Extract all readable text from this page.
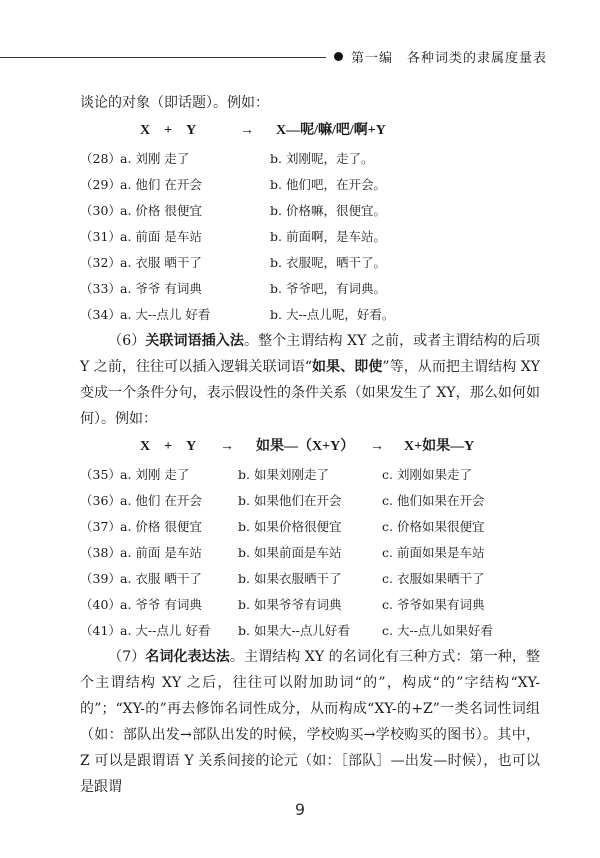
第一编　各种词类的隶属度量表

谈论的对象（即话题）。例如：

X　+　Y	→ X—呢/嘛/吧/啊+Y
（28） a. 刘刚 走了	b. 刘刚呢，走了。
（29） a. 他们 在开会	b. 他们吧，在开会。
（30） a. 价格 很便宜	b. 价格嘛，很便宜。
（31） a. 前面 是车站	b. 前面啊，是车站。
（32） a. 衣服 晒干了	b. 衣服呢，晒干了。
（33） a. 爷爷 有词典	b. 爷爷吧，有词典。
（34） a. 大--点儿 好看	b. 大--点儿呢，好看。

（6）关联词语插入法。整个主谓结构 XY 之前，或者主谓结构的后项 Y 之前，往往可以插入逻辑关联词语“如果、即使”等，从而把主谓结构 XY 变成一个条件分句，表示假设性的条件关系（如果发生了 XY，那么如何如何）。例如：

X　+　Y → 如果—（X+Y） → X+如果—Y
（35） a. 刘刚 走了	b. 如果刘刚走了	c. 刘刚如果走了
（36） a. 他们 在开会	b. 如果他们在开会	c. 他们如果在开会
（37） a. 价格 很便宜	b. 如果价格很便宜	c. 价格如果很便宜
（38） a. 前面 是车站	b. 如果前面是车站	c. 前面如果是车站
（39） a. 衣服 晒干了	b. 如果衣服晒干了	c. 衣服如果晒干了
（40） a. 爷爷 有词典	b. 如果爷爷有词典	c. 爷爷如果有词典
（41） a. 大--点儿 好看 b. 如果大--点儿好看	c. 大--点儿如果好看

（7）名词化表达法。主谓结构 XY 的名词化有三种方式：第一种，整个主谓结构 XY 之后，往往可以附加助词“的”，构成“的”字结构“XY-的”；“XY-的”再去修饰名词性成分，从而构成“XY-的+Z”一类名词性词组（如：部队出发→部队出发的时候，学校购买→学校购买的图书）。其中，Z 可以是跟谓语 Y 关系间接的论元（如：［部队］—出发—时候），也可以是跟谓

9
